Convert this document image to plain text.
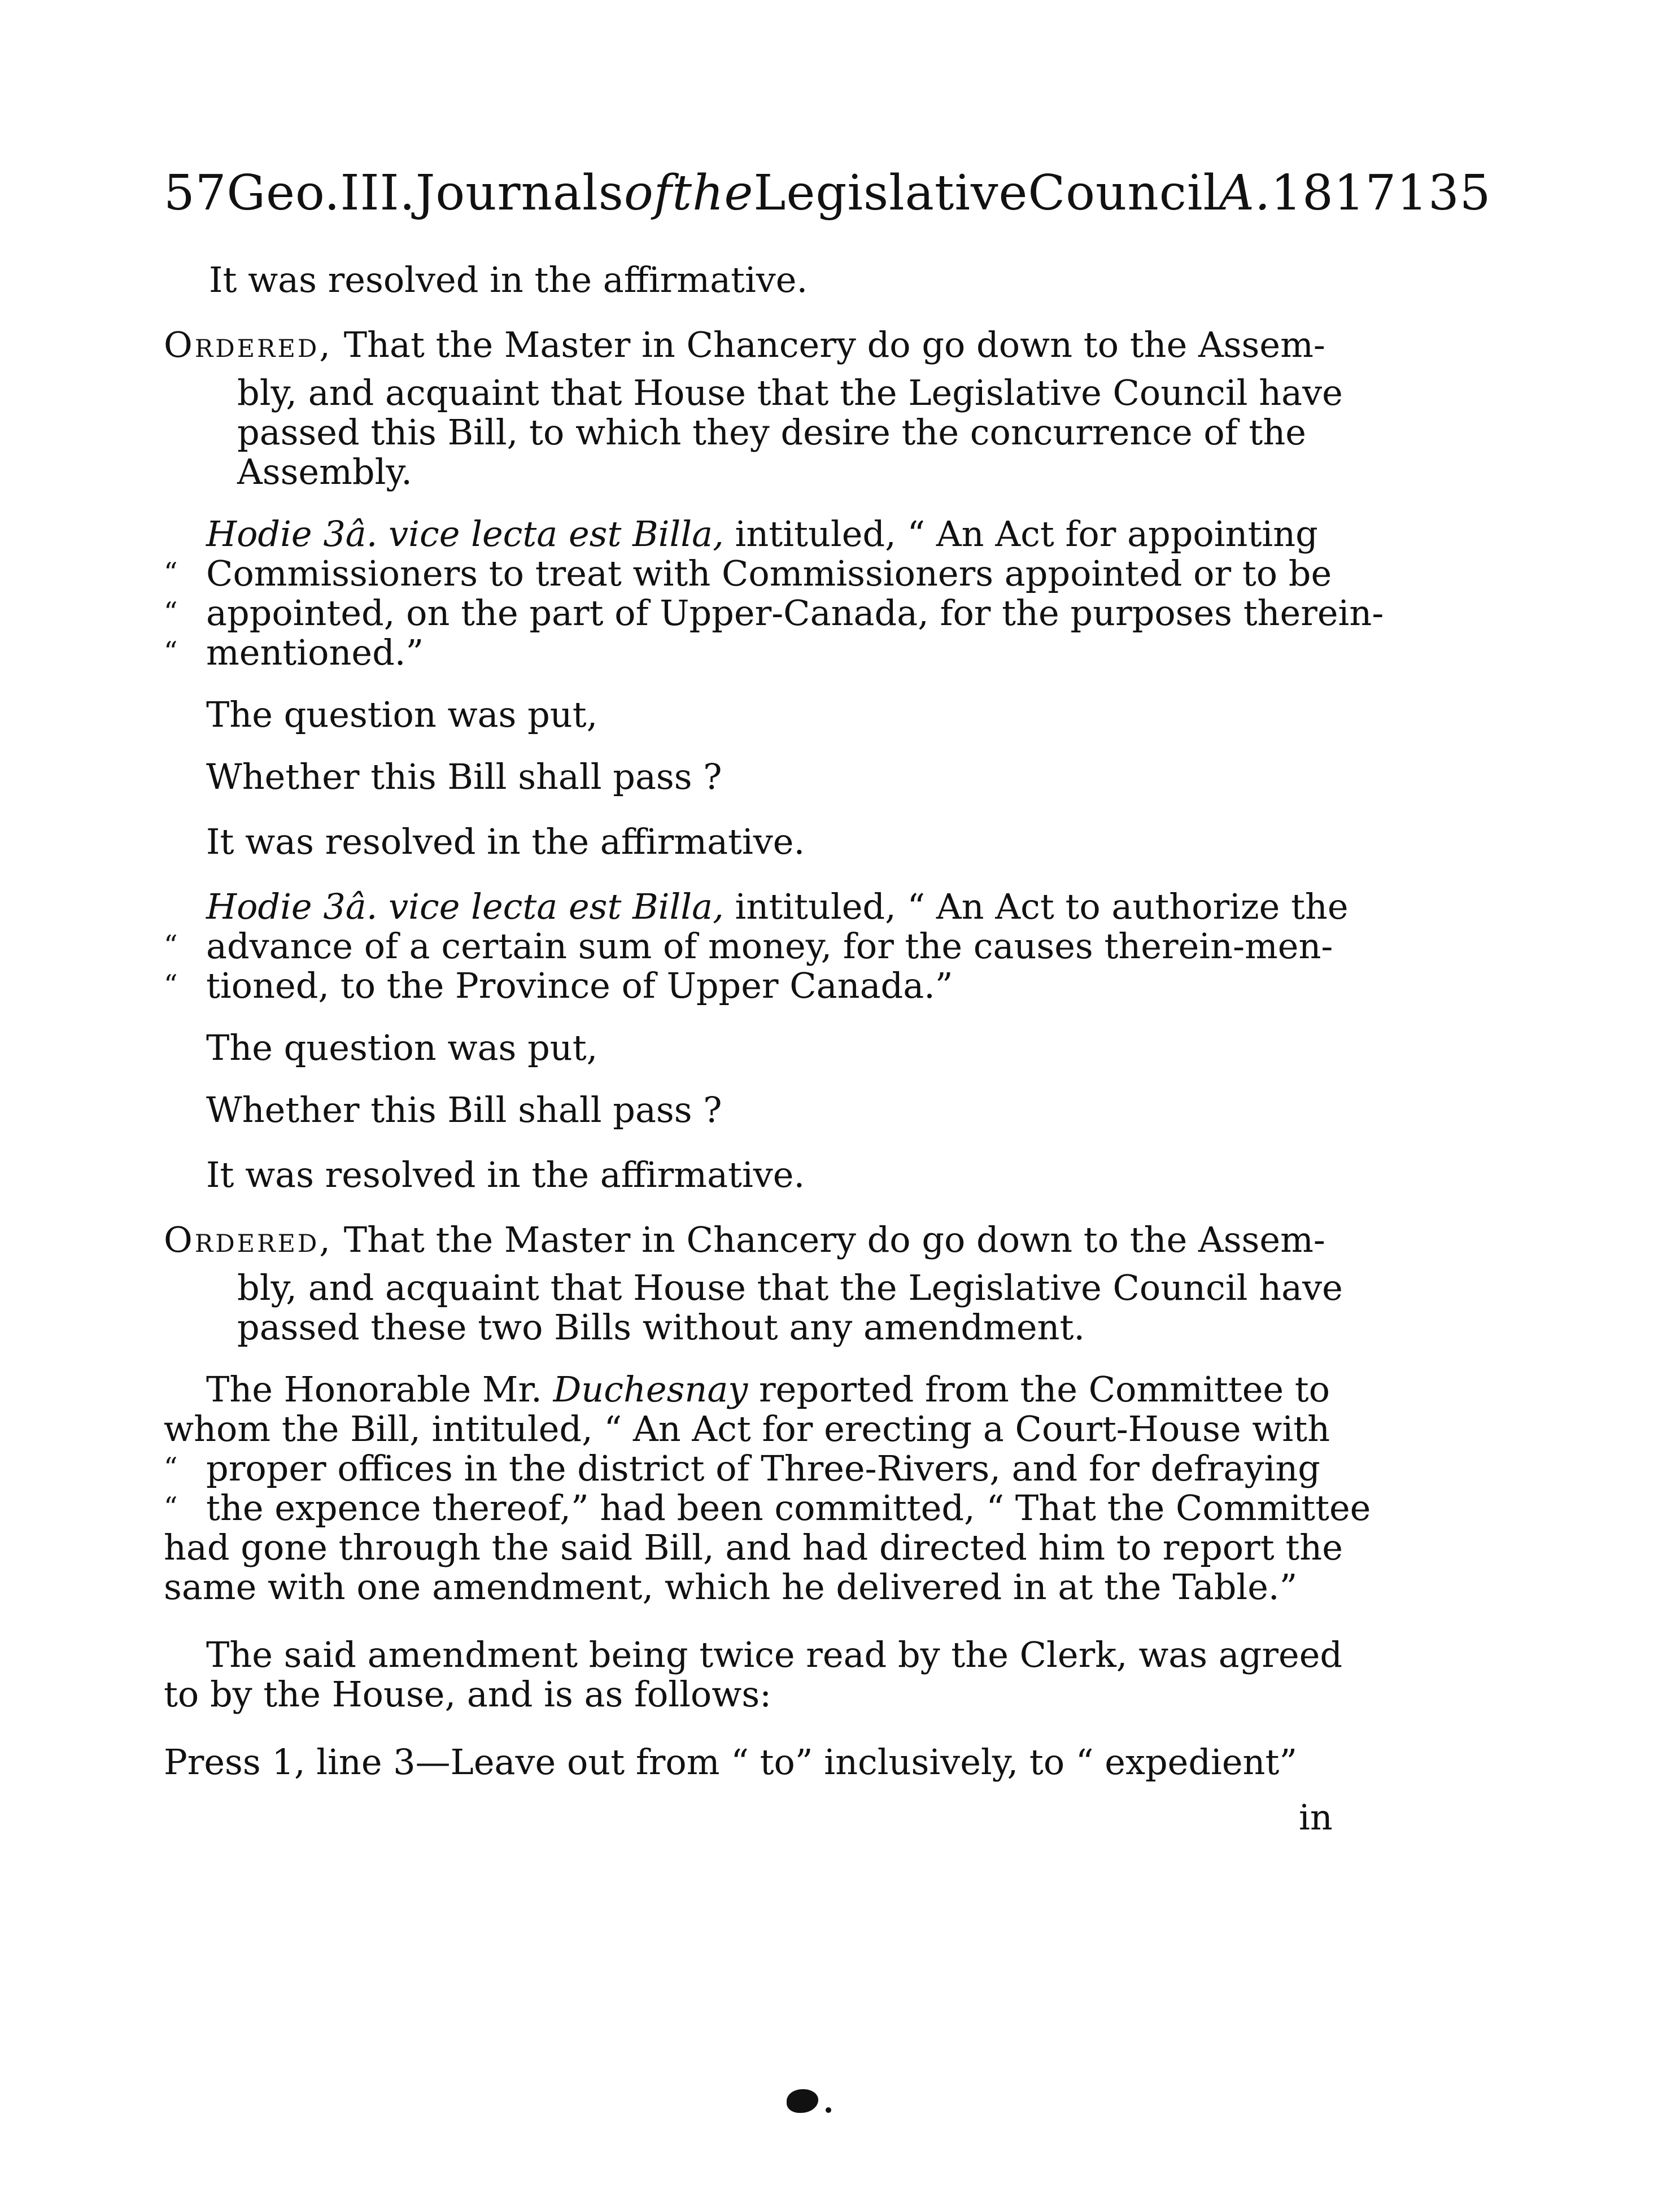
57Geo.III.JournalsoftheLegislativeCouncilA.1817135
It was resolved in the affirmative.
Ordered, That the Master in Chancery do go down to the Assem-
bly, and acquaint that House that the Legislative Council have
passed this Bill, to which they desire the concurrence of the
Assembly.
Hodie 3â. vice lecta est Billa, intituled, “ An Act for appointing
“ Commissioners to treat with Commissioners appointed or to be
“ appointed, on the part of Upper-Canada, for the purposes therein-
“ mentioned.”
The question was put,
Whether this Bill shall pass ?
It was resolved in the affirmative.
Hodie 3â. vice lecta est Billa, intituled, “ An Act to authorize the
“ advance of a certain sum of money, for the causes therein-men-
“ tioned, to the Province of Upper Canada.”
The question was put,
Whether this Bill shall pass ?
It was resolved in the affirmative.
Ordered, That the Master in Chancery do go down to the Assem-
bly, and acquaint that House that the Legislative Council have
passed these two Bills without any amendment.
The Honorable Mr. Duchesnay reported from the Committee to
whom the Bill, intituled, “ An Act for erecting a Court-House with
“ proper offices in the district of Three-Rivers, and for defraying
“ the expence thereof,” had been committed, “ That the Committee
had gone through the said Bill, and had directed him to report the
same with one amendment, which he delivered in at the Table.”
The said amendment being twice read by the Clerk, was agreed
to by the House, and is as follows:
Press 1, line 3—Leave out from “ to” inclusively, to “ expedient”
in
